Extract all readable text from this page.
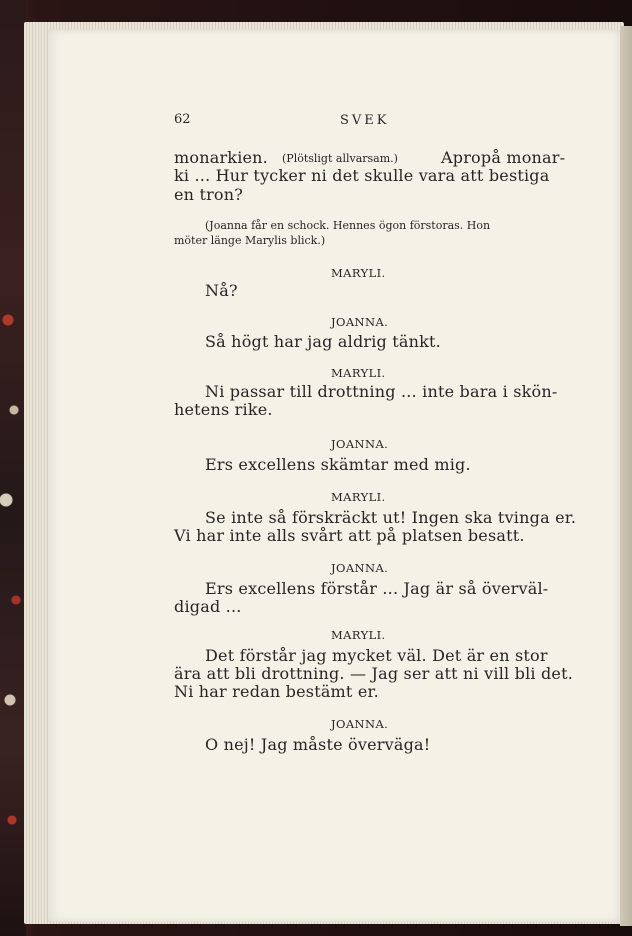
62	SVEK
monarkien. (Plötsligt allvarsam.)	Apropå monar-
ki ... Hur tycker ni det skulle vara att bestiga
en tron?
(Joanna får en schock. Hennes ögon förstoras. Hon
möter länge Marylis blick.)
MARYLI.
Nå?
JOANNA.
Så högt har jag aldrig tänkt.
MARYLI.
Ni passar till drottning ... inte bara i skön-
hetens rike.
JOANNA.
Ers excellens skämtar med mig.
MARYLI.
Se inte så förskräckt ut! Ingen ska tvinga er.
Vi har inte alls svårt att på platsen besatt.
JOANNA.
Ers excellens förstår ... Jag är så överväl-
digad ...
MARYLI.
Det förstår jag mycket väl. Det är en stor
ära att bli drottning. — Jag ser att ni vill bli det.
Ni har redan bestämt er.
JOANNA.
O nej! Jag måste överväga!
